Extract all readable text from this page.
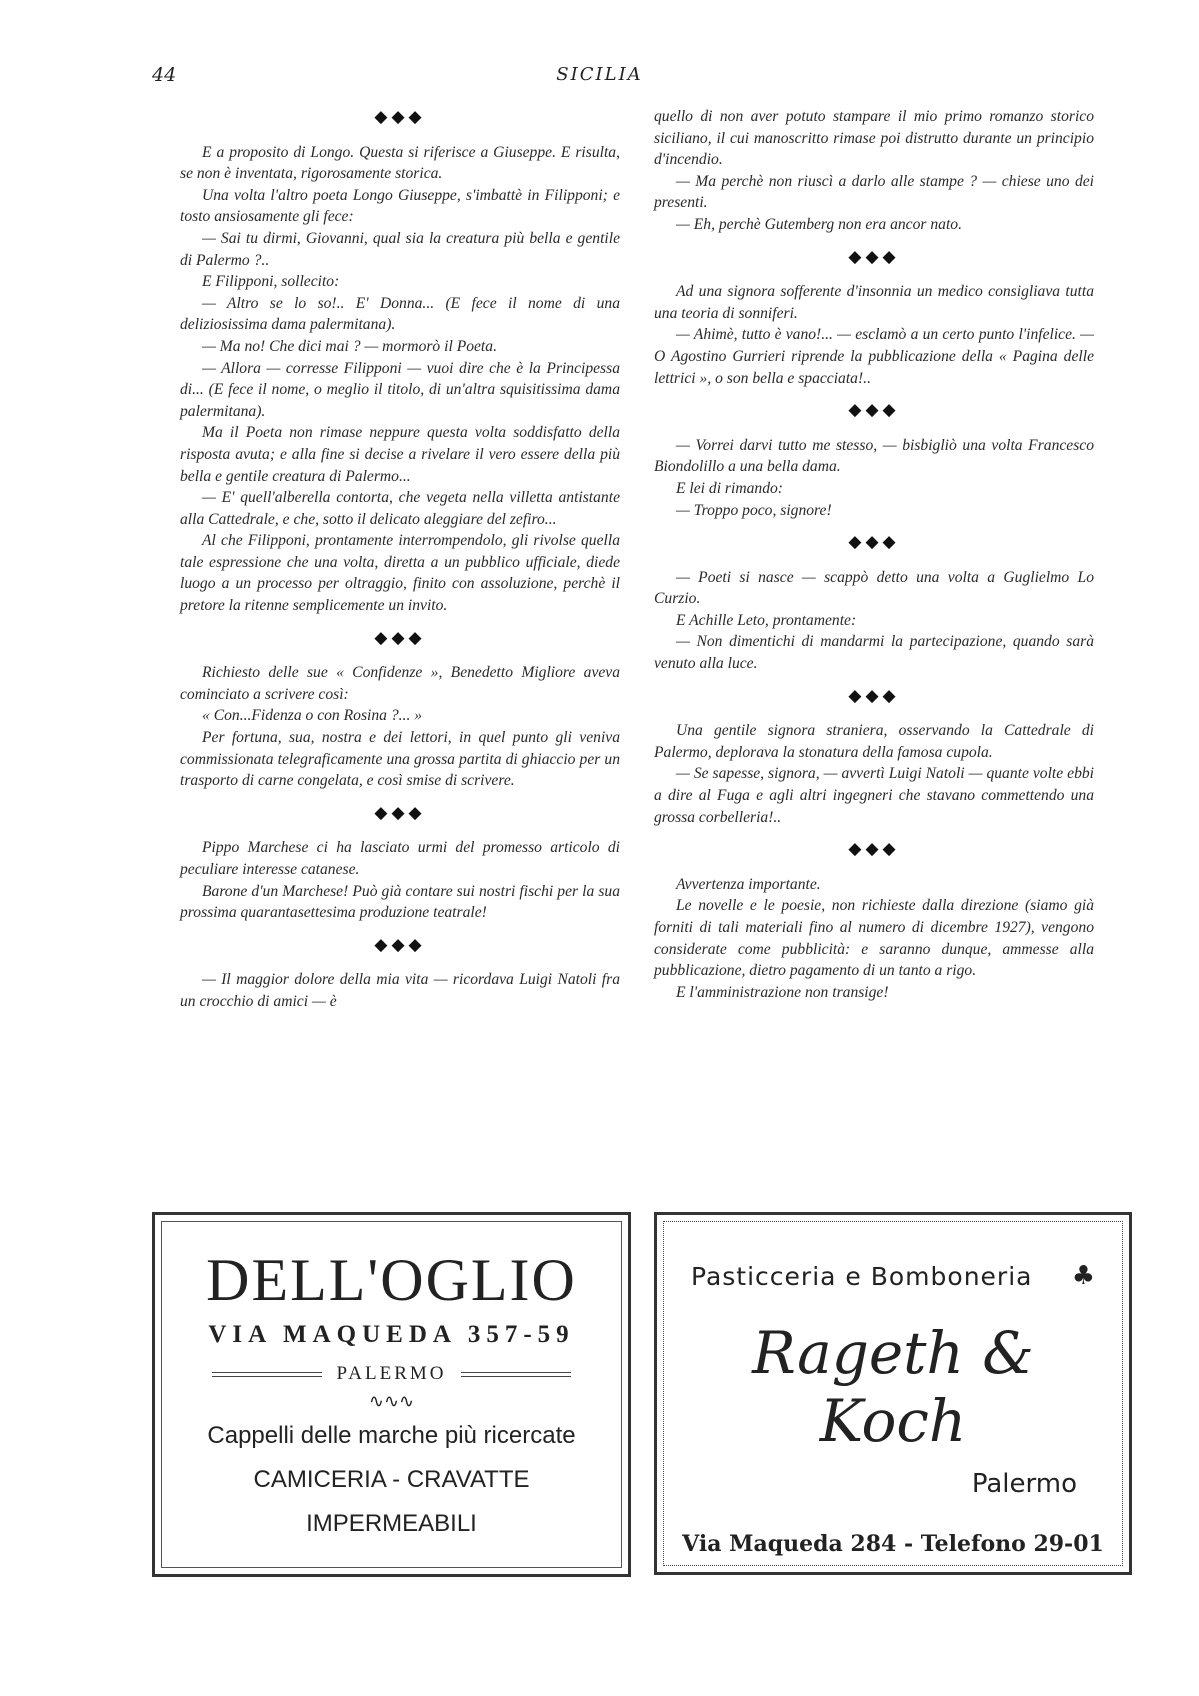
44	SICILIA
◆◆◆

E a proposito di Longo. Questa si riferisce a Giuseppe. E risulta, se non è inventata, rigorosamente storica.

Una volta l'altro poeta Longo Giuseppe, s'imbattè in Filipponi; e tosto ansiosamente gli fece:

— Sai tu dirmi, Giovanni, qual sia la creatura più bella e gentile di Palermo ?..

E Filipponi, sollecito:

— Altro se lo so!.. E' Donna... (E fece il nome di una deliziosissima dama palermitana).

— Ma no! Che dici mai ? — mormorò il Poeta.

— Allora — corresse Filipponi — vuoi dire che è la Principessa di... (E fece il nome, o meglio il titolo, di un'altra squisitissima dama palermitana).

Ma il Poeta non rimase neppure questa volta soddisfatto della risposta avuta; e alla fine si decise a rivelare il vero essere della più bella e gentile creatura di Palermo...

— E' quell'alberella contorta, che vegeta nella villetta antistante alla Cattedrale, e che, sotto il delicato aleggiare del zefiro...

Al che Filipponi, prontamente interrompendolo, gli rivolse quella tale espressione che una volta, diretta a un pubblico ufficiale, diede luogo a un processo per oltraggio, finito con assoluzione, perchè il pretore la ritenne semplicemente un invito.

◆◆◆

Richiesto delle sue « Confidenze », Benedetto Migliore aveva cominciato a scrivere così:

« Con...Fidenza o con Rosina ?... »

Per fortuna, sua, nostra e dei lettori, in quel punto gli veniva commissionata telegraficamente una grossa partita di ghiaccio per un trasporto di carne congelata, e così smise di scrivere.

◆◆◆

Pippo Marchese ci ha lasciato urmi del promesso articolo di peculiare interesse catanese.

Barone d'un Marchese! Può già contare sui nostri fischi per la sua prossima quarantasettesima produzione teatrale!

◆◆◆

— Il maggior dolore della mia vita — ricordava Luigi Natoli fra un crocchio di amici — è

quello di non aver potuto stampare il mio primo romanzo storico siciliano, il cui manoscritto rimase poi distrutto durante un principio d'incendio.

— Ma perchè non riuscì a darlo alle stampe ? — chiese uno dei presenti.

— Eh, perchè Gutemberg non era ancor nato.

◆◆◆

Ad una signora sofferente d'insonnia un medico consigliava tutta una teoria di sonniferi.

— Ahimè, tutto è vano!... — esclamò a un certo punto l'infelice. — O Agostino Gurrieri riprende la pubblicazione della « Pagina delle lettrici », o son bella e spacciata!..

◆◆◆

— Vorrei darvi tutto me stesso, — bisbigliò una volta Francesco Biondolillo a una bella dama.

E lei di rimando:

— Troppo poco, signore!

◆◆◆

— Poeti si nasce — scappò detto una volta a Guglielmo Lo Curzio.

E Achille Leto, prontamente:

— Non dimentichi di mandarmi la partecipazione, quando sarà venuto alla luce.

◆◆◆

Una gentile signora straniera, osservando la Cattedrale di Palermo, deplorava la stonatura della famosa cupola.

— Se sapesse, signora, — avvertì Luigi Natoli — quante volte ebbi a dire al Fuga e agli altri ingegneri che stavano commettendo una grossa corbelleria!..

◆◆◆

Avvertenza importante.

Le novelle e le poesie, non richieste dalla direzione (siamo già forniti di tali materiali fino al numero di dicembre 1927), vengono considerate come pubblicità: e saranno dunque, ammesse alla pubblicazione, dietro pagamento di un tanto a rigo.

E l'amministrazione non transige!

DELL'OGLIO
VIA MAQUEDA 357-59
PALERMO
∿∿∿
Cappelli delle marche più ricercate
CAMICERIA - CRAVATTE
IMPERMEABILI
Pasticceria e Bomboneria ♣
Rageth & Koch
Palermo
Via Maqueda 284 - Telefono 29-01
